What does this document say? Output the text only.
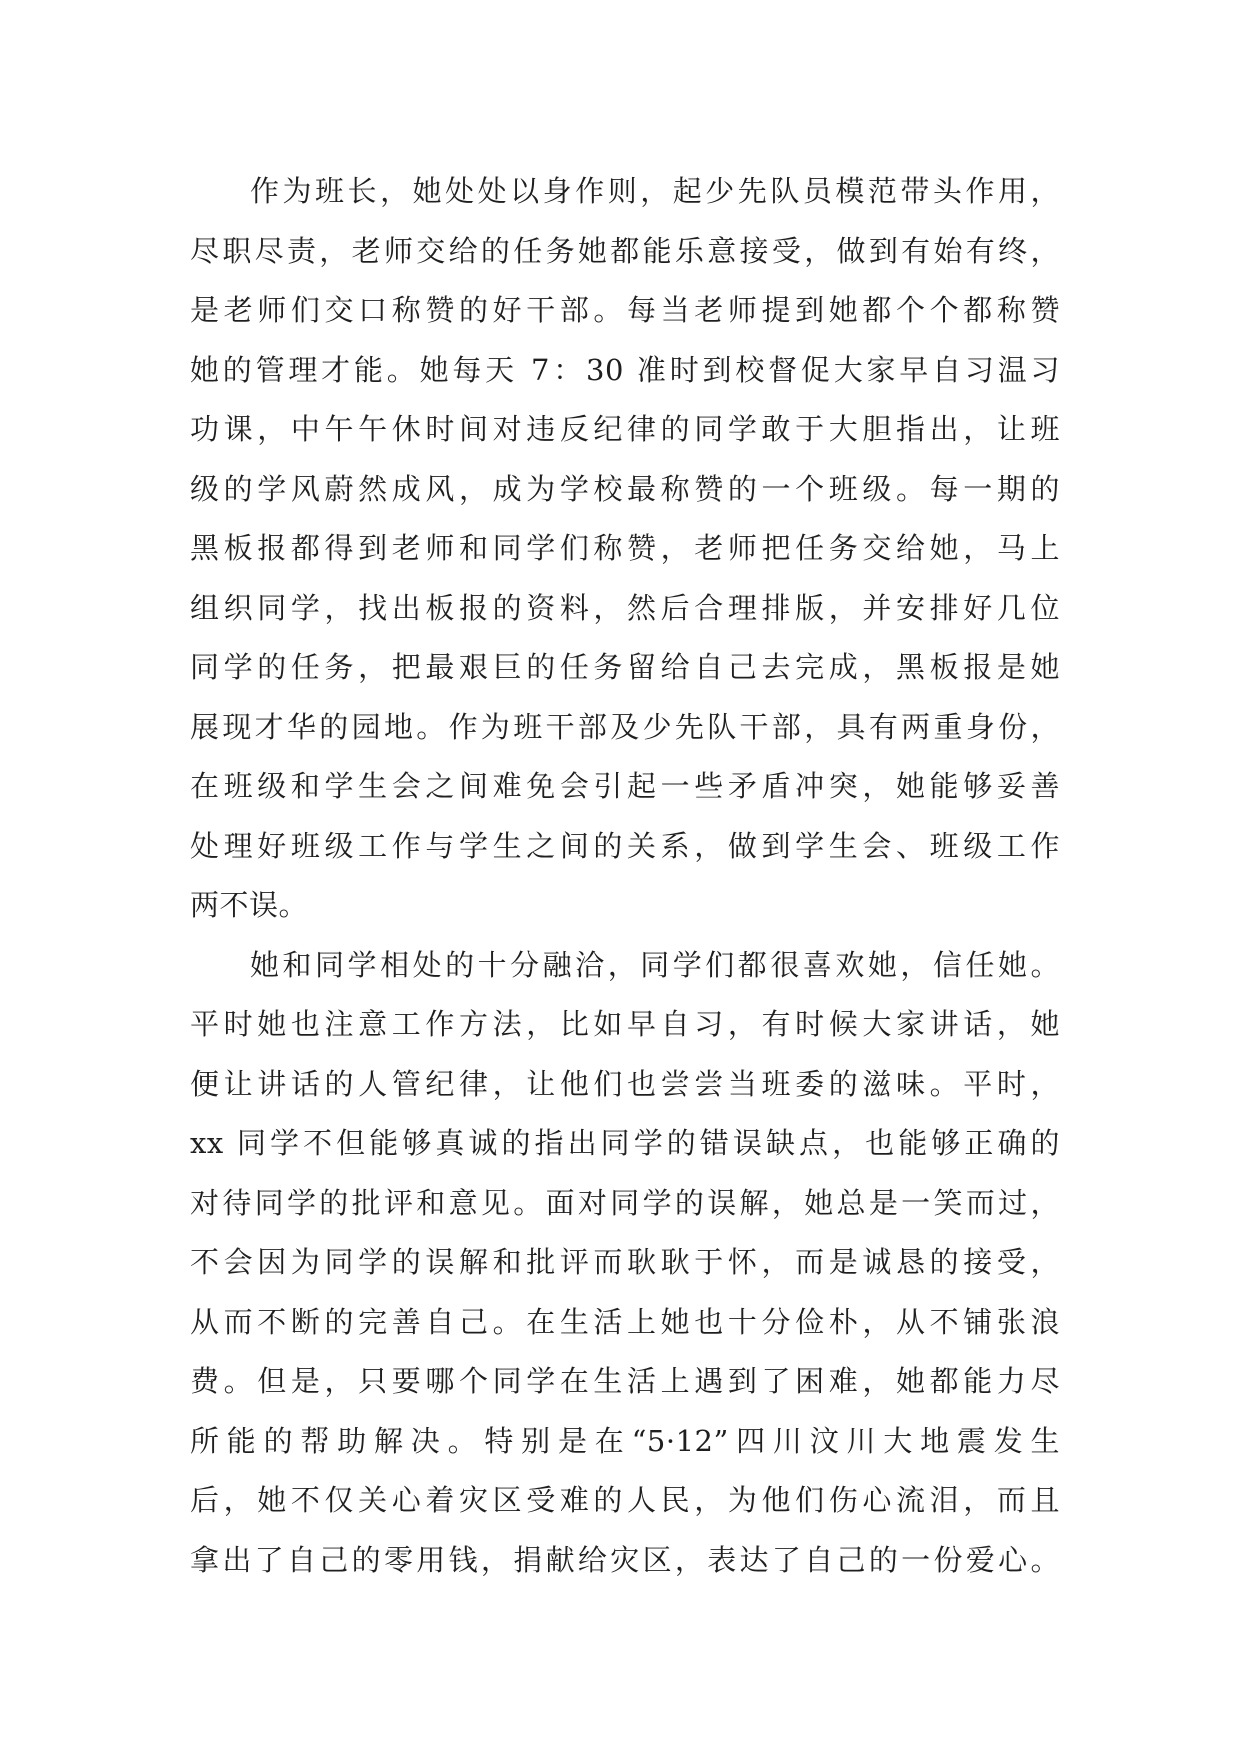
作为班长，她处处以身作则，起少先队员模范带头作用，
尽职尽责，老师交给的任务她都能乐意接受，做到有始有终，
是老师们交口称赞的好干部。每当老师提到她都个个都称赞
她的管理才能。她每天 7：30 准时到校督促大家早自习温习
功课，中午午休时间对违反纪律的同学敢于大胆指出，让班
级的学风蔚然成风，成为学校最称赞的一个班级。每一期的
黑板报都得到老师和同学们称赞，老师把任务交给她，马上
组织同学，找出板报的资料，然后合理排版，并安排好几位
同学的任务，把最艰巨的任务留给自己去完成，黑板报是她
展现才华的园地。作为班干部及少先队干部，具有两重身份，
在班级和学生会之间难免会引起一些矛盾冲突，她能够妥善
处理好班级工作与学生之间的关系，做到学生会、班级工作
两不误。
她和同学相处的十分融洽，同学们都很喜欢她，信任她。
平时她也注意工作方法，比如早自习，有时候大家讲话，她
便让讲话的人管纪律，让他们也尝尝当班委的滋味。平时，
xx 同学不但能够真诚的指出同学的错误缺点，也能够正确的
对待同学的批评和意见。面对同学的误解，她总是一笑而过，
不会因为同学的误解和批评而耿耿于怀，而是诚恳的接受，
从而不断的完善自己。在生活上她也十分俭朴，从不铺张浪
费。但是，只要哪个同学在生活上遇到了困难，她都能力尽
所能的帮助解决。特别是在“5·12”四川汶川大地震发生
后，她不仅关心着灾区受难的人民，为他们伤心流泪，而且
拿出了自己的零用钱，捐献给灾区，表达了自己的一份爱心。
